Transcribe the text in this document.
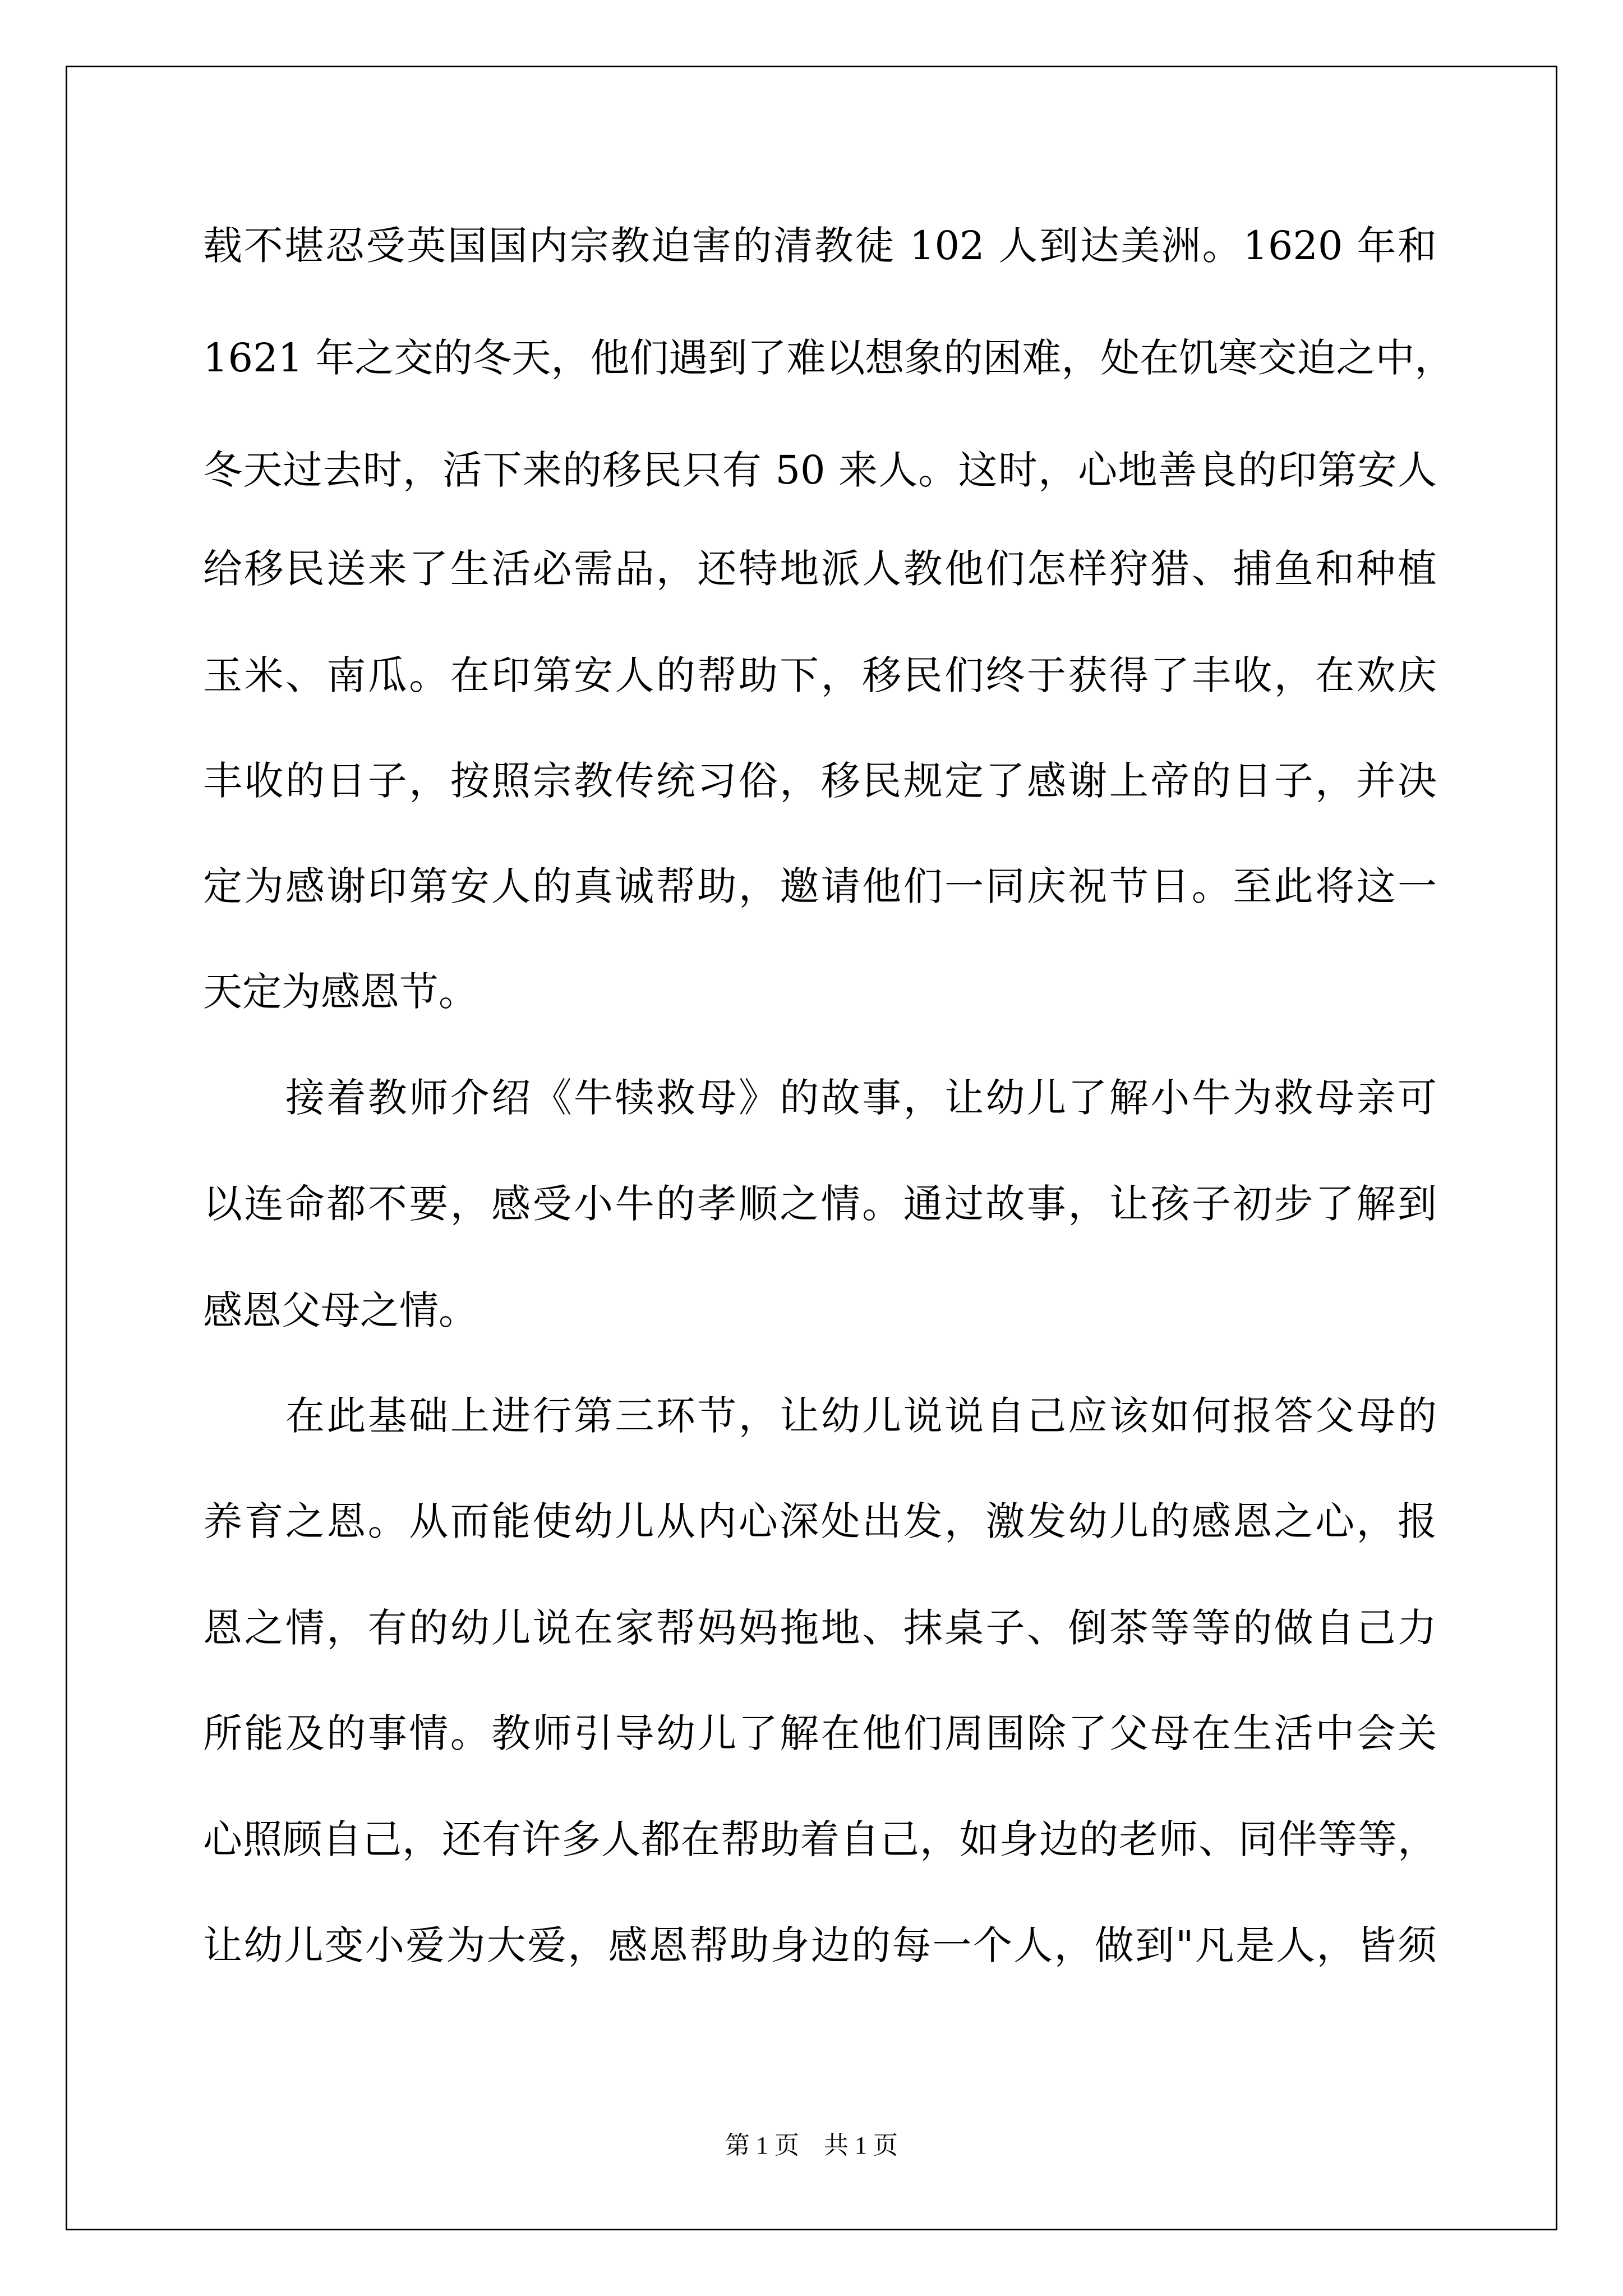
载不堪忍受英国国内宗教迫害的清教徒 102 人到达美洲。1620 年和
1621 年之交的冬天，他们遇到了难以想象的困难，处在饥寒交迫之中，
冬天过去时，活下来的移民只有 50 来人。这时，心地善良的印第安人
给移民送来了生活必需品，还特地派人教他们怎样狩猎、捕鱼和种植
玉米、南瓜。在印第安人的帮助下，移民们终于获得了丰收，在欢庆
丰收的日子，按照宗教传统习俗，移民规定了感谢上帝的日子，并决
定为感谢印第安人的真诚帮助，邀请他们一同庆祝节日。至此将这一
天定为感恩节。
　　接着教师介绍《牛犊救母》的故事，让幼儿了解小牛为救母亲可
以连命都不要，感受小牛的孝顺之情。通过故事，让孩子初步了解到
感恩父母之情。
　　在此基础上进行第三环节，让幼儿说说自己应该如何报答父母的
养育之恩。从而能使幼儿从内心深处出发，激发幼儿的感恩之心，报
恩之情，有的幼儿说在家帮妈妈拖地、抹桌子、倒茶等等的做自己力
所能及的事情。教师引导幼儿了解在他们周围除了父母在生活中会关
心照顾自己，还有许多人都在帮助着自己，如身边的老师、同伴等等，
让幼儿变小爱为大爱，感恩帮助身边的每一个人，做到"凡是人，皆须
第 1 页 共 1 页
